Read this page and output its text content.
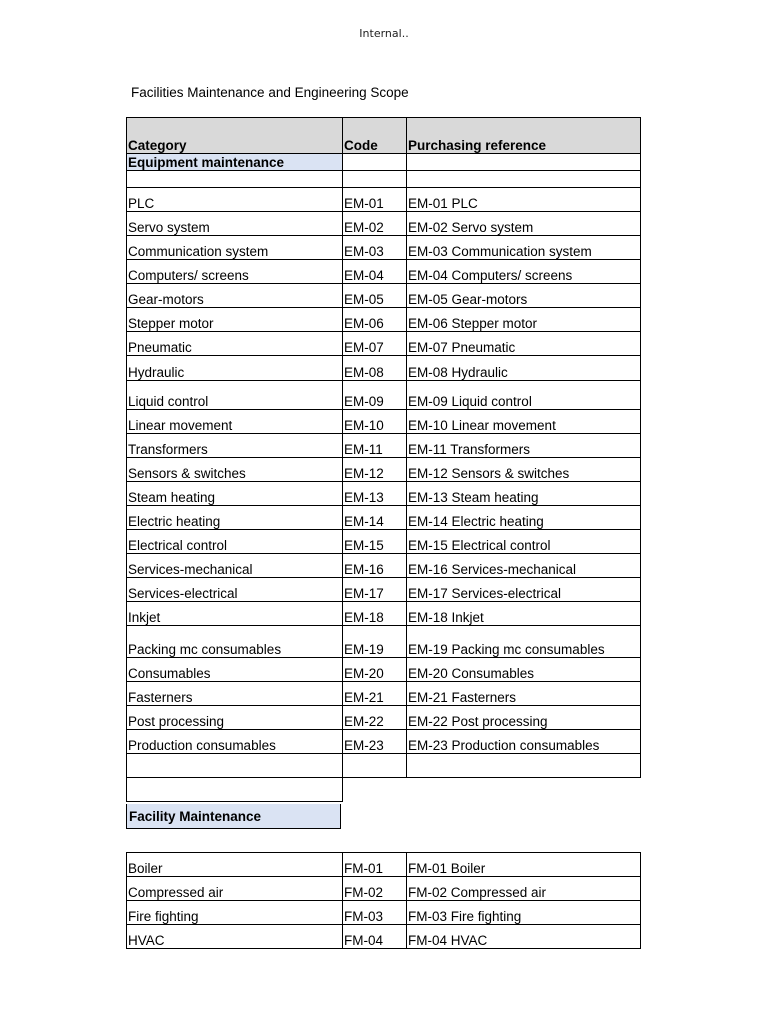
Internal..
Facilities Maintenance and Engineering Scope
Category	Code	Purchasing reference
Equipment maintenance		

PLC	EM-01	EM-01 PLC
Servo system	EM-02	EM-02 Servo system
Communication system	EM-03	EM-03 Communication system
Computers/ screens	EM-04	EM-04 Computers/ screens
Gear-motors	EM-05	EM-05 Gear-motors
Stepper motor	EM-06	EM-06 Stepper motor
Pneumatic	EM-07	EM-07 Pneumatic
Hydraulic	EM-08	EM-08 Hydraulic
Liquid control	EM-09	EM-09 Liquid control
Linear movement	EM-10	EM-10 Linear movement
Transformers	EM-11	EM-11 Transformers
Sensors & switches	EM-12	EM-12 Sensors & switches
Steam heating	EM-13	EM-13 Steam heating
Electric heating	EM-14	EM-14 Electric heating
Electrical control	EM-15	EM-15 Electrical control
Services-mechanical	EM-16	EM-16 Services-mechanical
Services-electrical	EM-17	EM-17 Services-electrical
Inkjet	EM-18	EM-18 Inkjet
Packing mc consumables	EM-19	EM-19 Packing mc consumables
Consumables	EM-20	EM-20 Consumables
Fasterners	EM-21	EM-21 Fasterners
Post processing	EM-22	EM-22 Post processing
Production consumables	EM-23	EM-23 Production consumables

Facility Maintenance
Boiler	FM-01	FM-01 Boiler
Compressed air	FM-02	FM-02 Compressed air
Fire fighting	FM-03	FM-03 Fire fighting
HVAC	FM-04	FM-04 HVAC
